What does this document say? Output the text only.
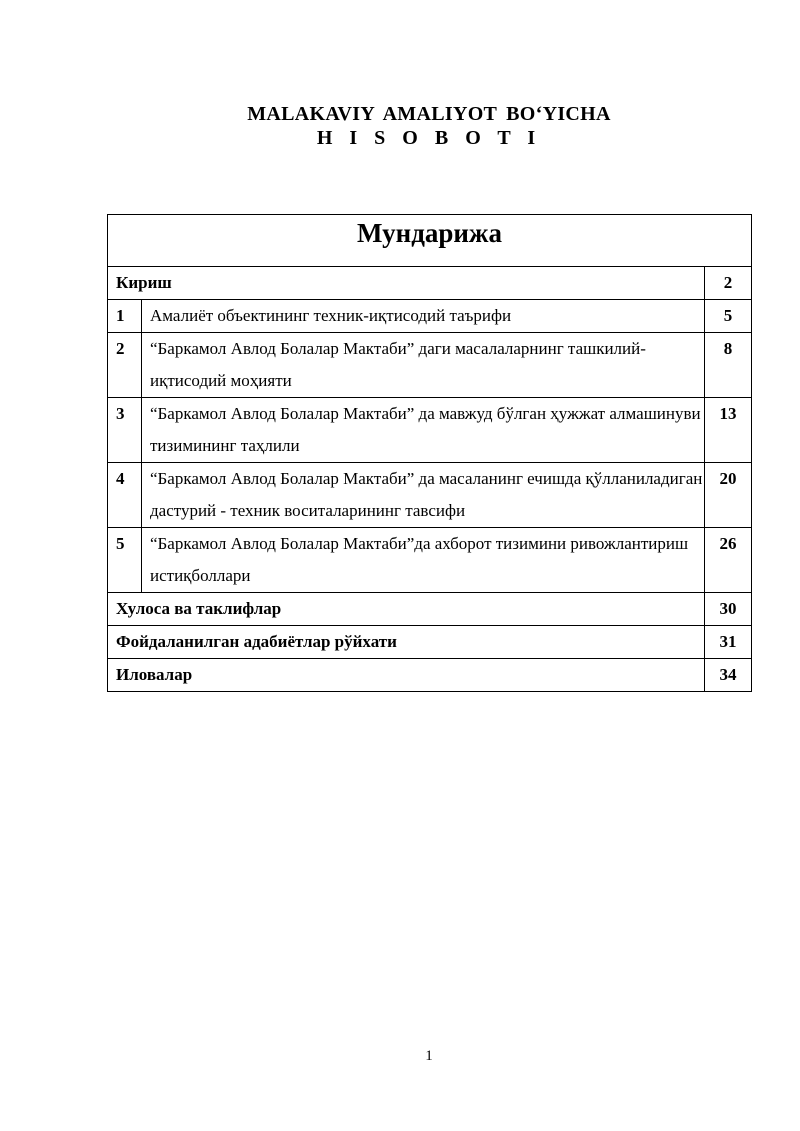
MALAKAVIY AMALIYOT BO‘YICHA
H I S O B O T I
Мундарижа		
Кириш		2
1	Амалиёт объектининг техник-иқтисодий таърифи	5
2	“Баркамол Авлод Болалар Мактаби” даги масалаларнинг ташкилий-иқтисодий моҳияти	8
3	“Баркамол Авлод Болалар Мактаби” да мавжуд бўлган ҳужжат алмашинуви тизимининг таҳлили	13
4	“Баркамол Авлод Болалар Мактаби” да масаланинг ечишда қўлланиладиган дастурий - техник воситаларининг тавсифи	20
5	“Баркамол Авлод Болалар Мактаби”да ахборот тизимини ривожлантириш истиқболлари	26
Хулоса ва таклифлар		30
Фойдаланилган адабиётлар рўйхати		31
Иловалар		34
1
